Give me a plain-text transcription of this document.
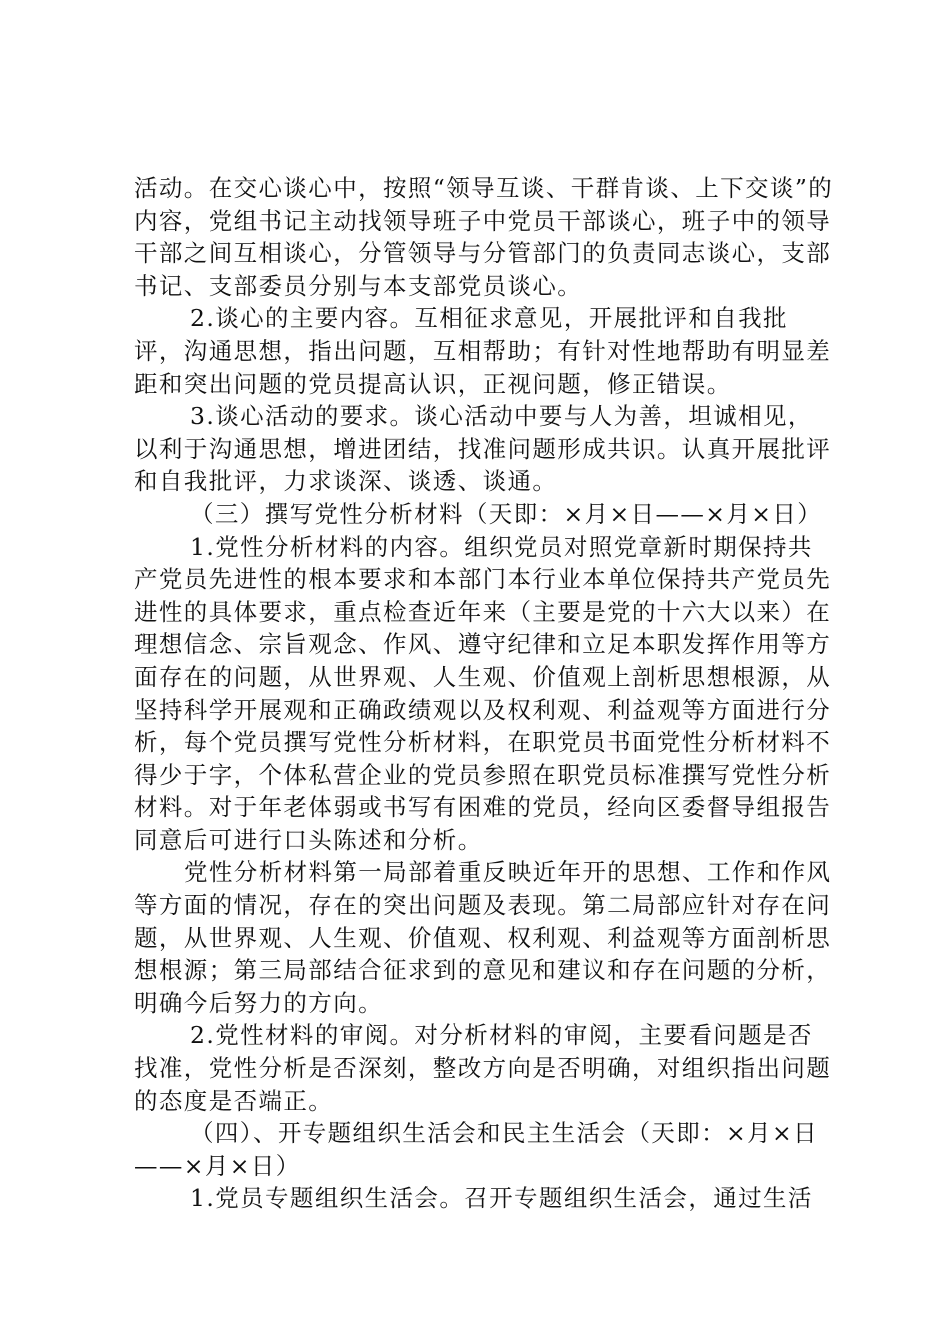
活动。在交心谈心中，按照“领导互谈、干群肯谈、上下交谈”的内容，党组书记主动找领导班子中党员干部谈心，班子中的领导干部之间互相谈心，分管领导与分管部门的负责同志谈心，支部书记、支部委员分别与本支部党员谈心。

2.谈心的主要内容。互相征求意见，开展批评和自我批评，沟通思想，指出问题，互相帮助；有针对性地帮助有明显差距和突出问题的党员提高认识，正视问题，修正错误。

3.谈心活动的要求。谈心活动中要与人为善，坦诚相见，以利于沟通思想，增进团结，找准问题形成共识。认真开展批评和自我批评，力求谈深、谈透、谈通。

（三）撰写党性分析材料（天即：×月×日——×月×日）

1.党性分析材料的内容。组织党员对照党章新时期保持共产党员先进性的根本要求和本部门本行业本单位保持共产党员先进性的具体要求，重点检查近年来（主要是党的十六大以来）在理想信念、宗旨观念、作风、遵守纪律和立足本职发挥作用等方面存在的问题，从世界观、人生观、价值观上剖析思想根源，从坚持科学开展观和正确政绩观以及权利观、利益观等方面进行分析，每个党员撰写党性分析材料，在职党员书面党性分析材料不得少于字，个体私营企业的党员参照在职党员标准撰写党性分析材料。对于年老体弱或书写有困难的党员，经向区委督导组报告同意后可进行口头陈述和分析。

党性分析材料第一局部着重反映近年开的思想、工作和作风等方面的情况，存在的突出问题及表现。第二局部应针对存在问题，从世界观、人生观、价值观、权利观、利益观等方面剖析思想根源；第三局部结合征求到的意见和建议和存在问题的分析，明确今后努力的方向。

2.党性材料的审阅。对分析材料的审阅，主要看问题是否找准，党性分析是否深刻，整改方向是否明确，对组织指出问题的态度是否端正。

（四）、开专题组织生活会和民主生活会（天即：×月×日——×月×日）

1.党员专题组织生活会。召开专题组织生活会，通过生活
